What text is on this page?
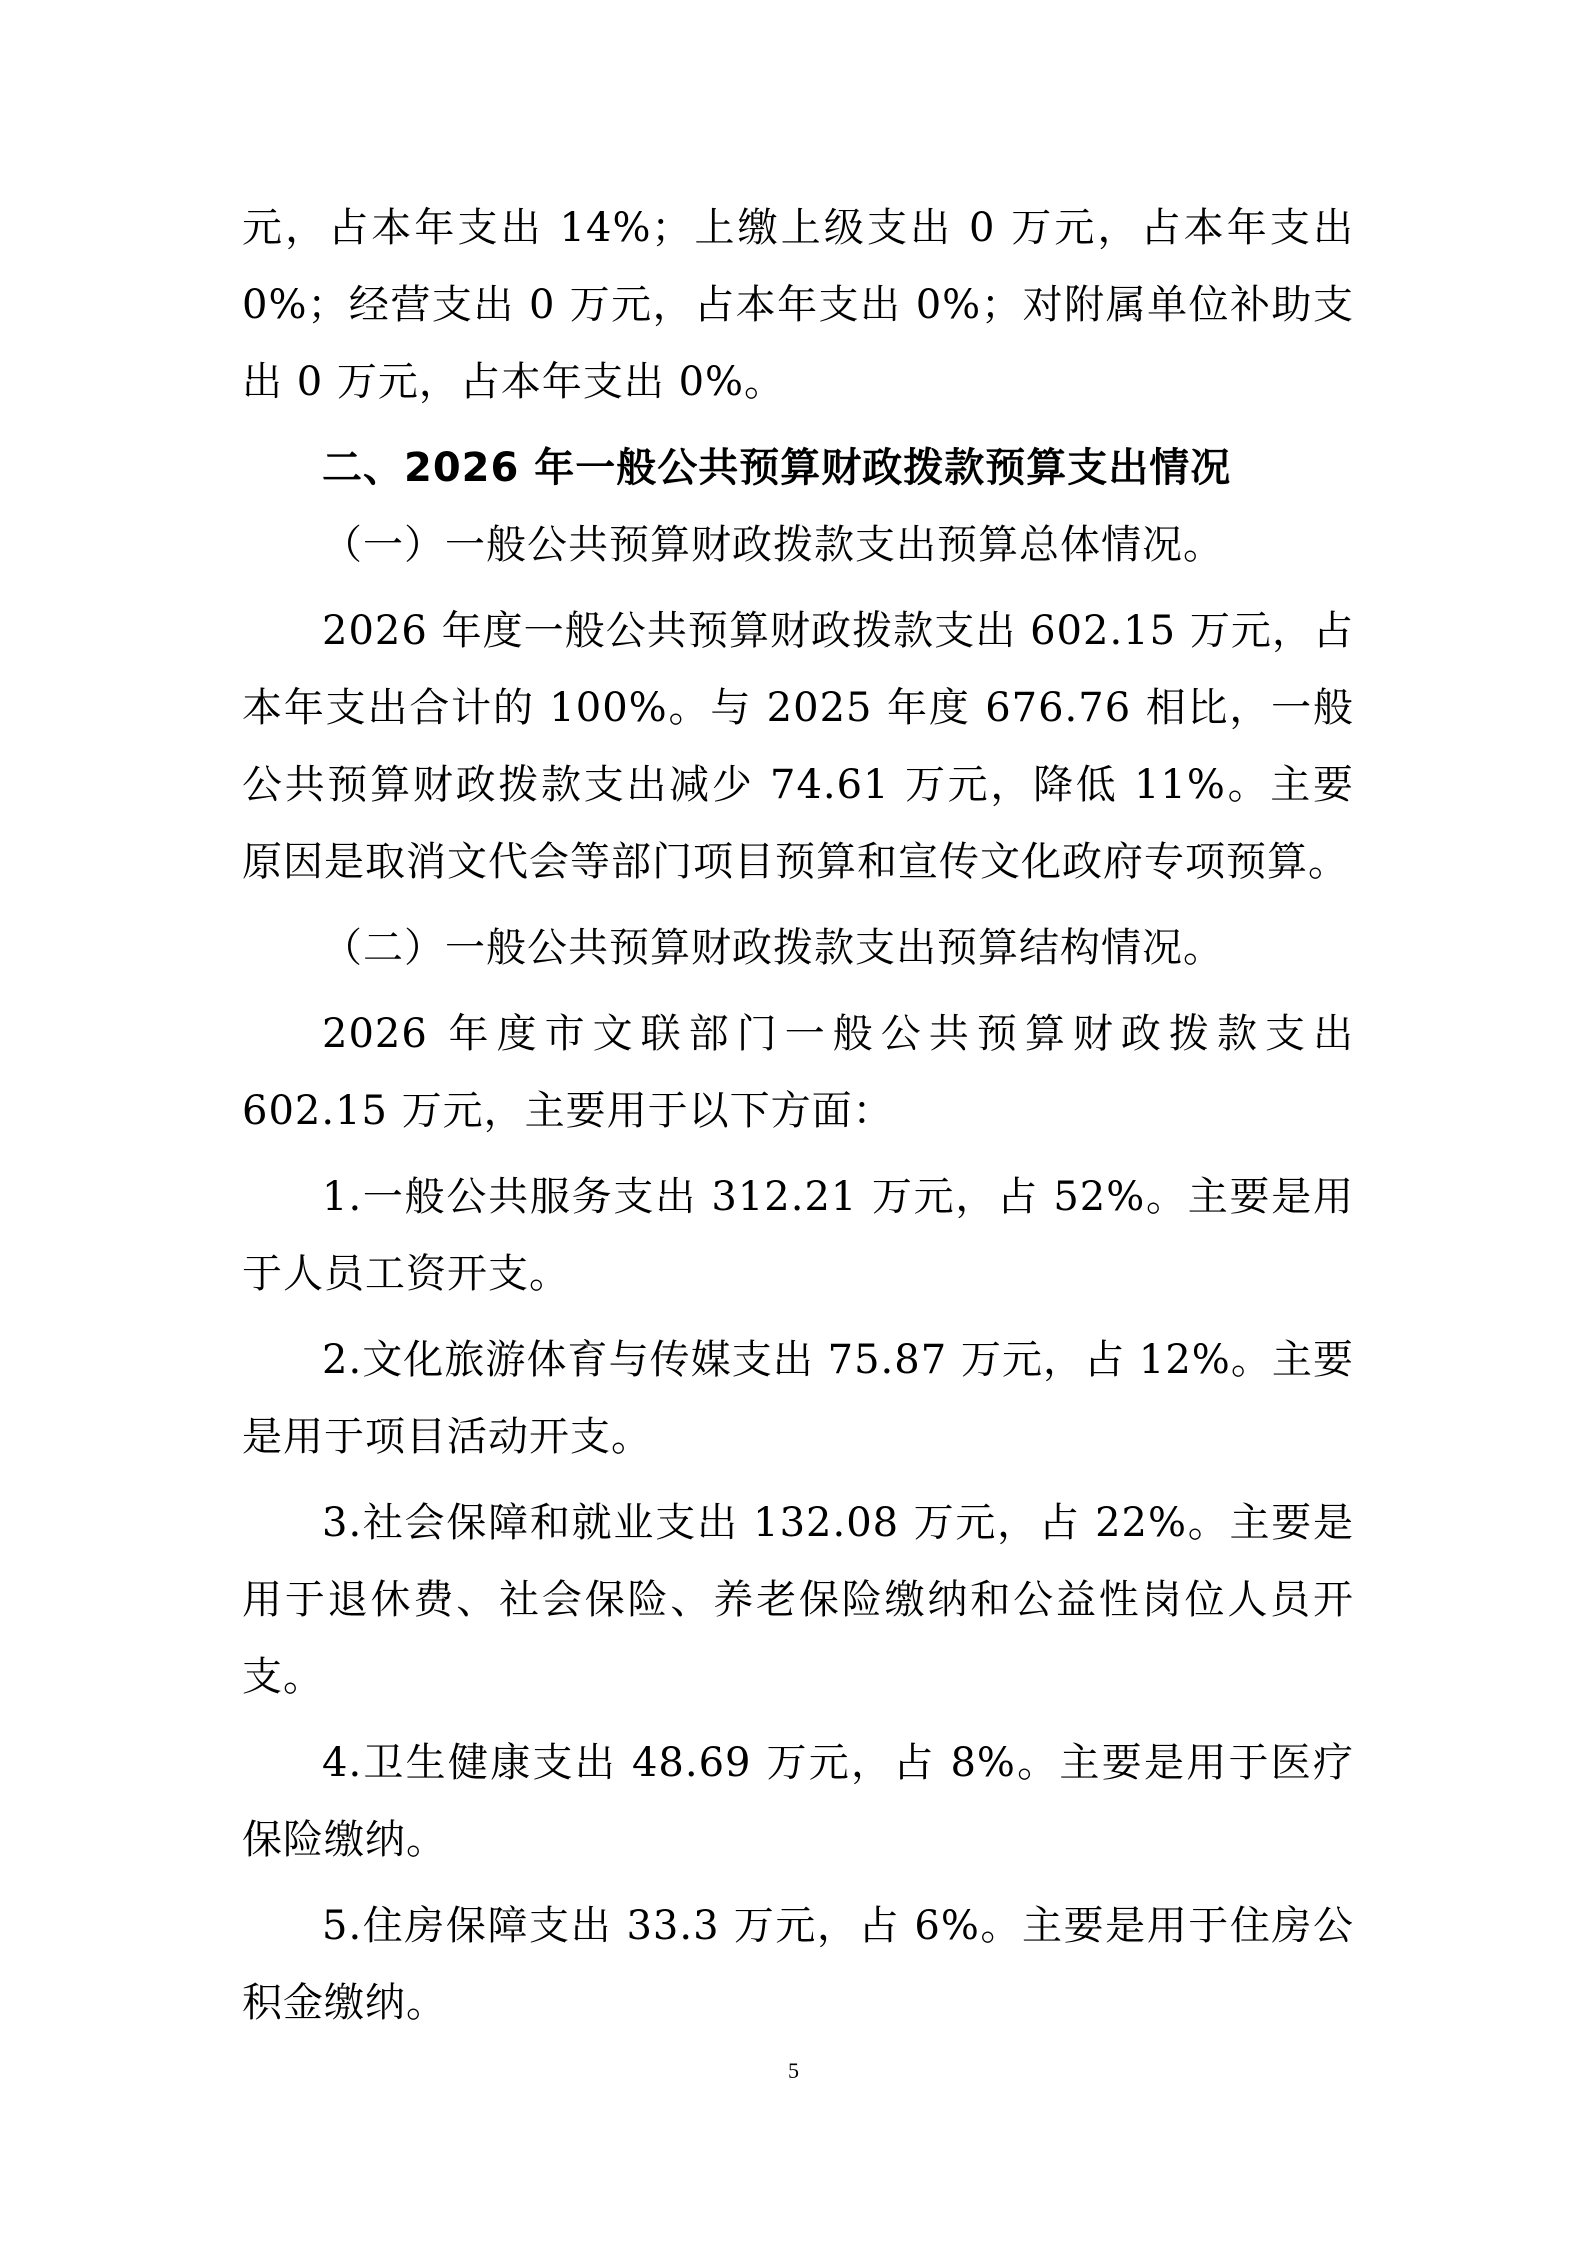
元，占本年支出 14%；上缴上级支出 0 万元，占本年支出 0%；经营支出 0 万元，占本年支出 0%；对附属单位补助支出 0 万元，占本年支出 0%。

二、2026 年一般公共预算财政拨款预算支出情况

（一）一般公共预算财政拨款支出预算总体情况。

2026 年度一般公共预算财政拨款支出 602.15 万元，占本年支出合计的 100%。与 2025 年度 676.76 相比，一般公共预算财政拨款支出减少 74.61 万元，降低 11%。主要原因是取消文代会等部门项目预算和宣传文化政府专项预算。

（二）一般公共预算财政拨款支出预算结构情况。

2026 年度市文联部门一般公共预算财政拨款支出 602.15 万元，主要用于以下方面：

1.一般公共服务支出 312.21 万元，占 52%。主要是用于人员工资开支。

2.文化旅游体育与传媒支出 75.87 万元，占 12%。主要是用于项目活动开支。

3.社会保障和就业支出 132.08 万元，占 22%。主要是用于退休费、社会保险、养老保险缴纳和公益性岗位人员开支。

4.卫生健康支出 48.69 万元，占 8%。主要是用于医疗保险缴纳。

5.住房保障支出 33.3 万元，占 6%。主要是用于住房公积金缴纳。

5
